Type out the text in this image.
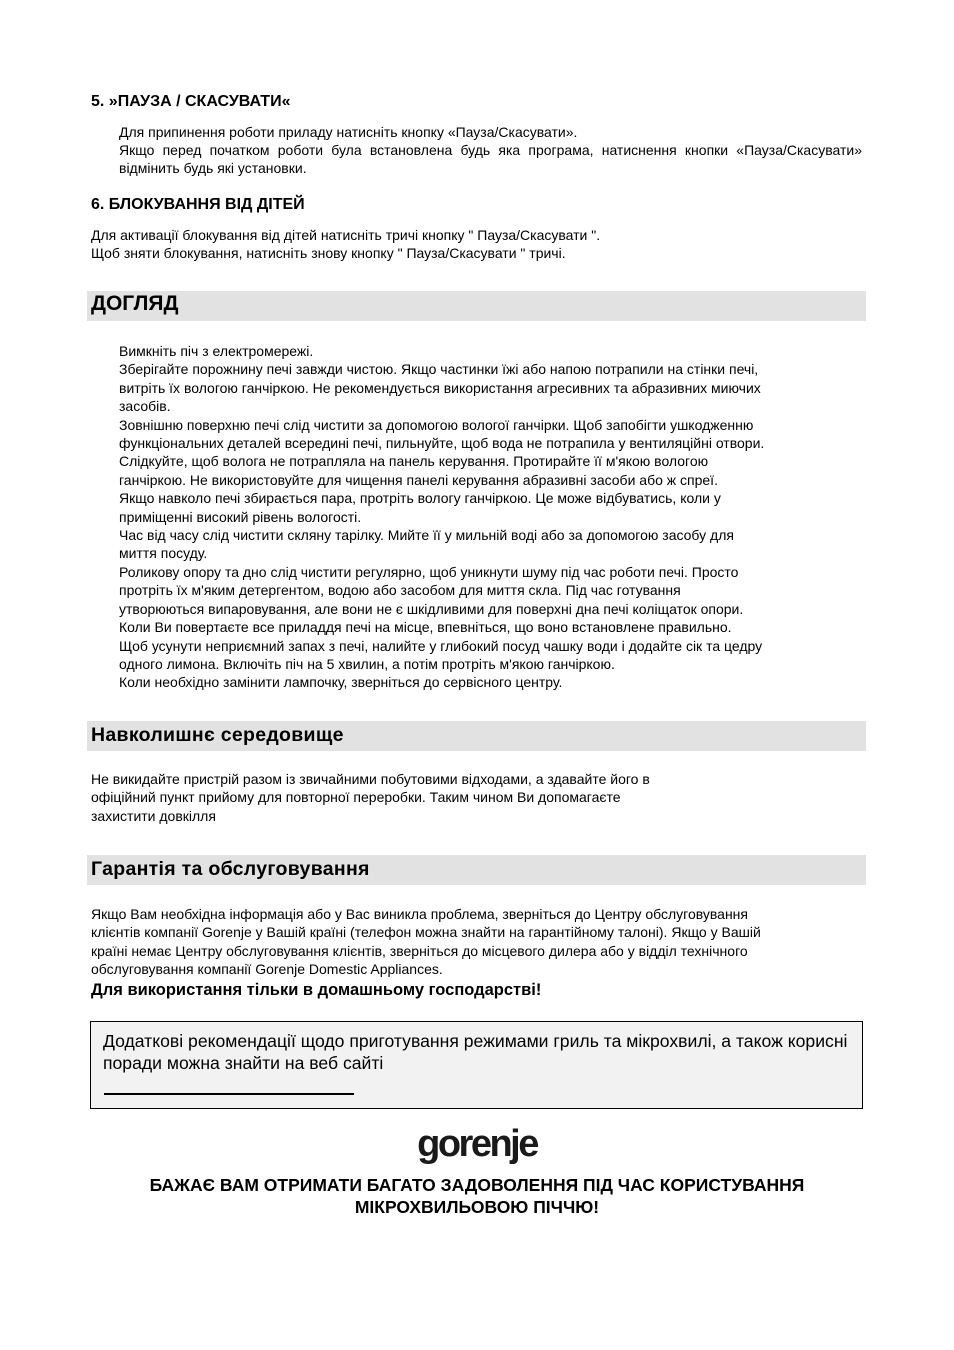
5. »ПАУЗА / СКАСУВАТИ«
Для припинення роботи приладу натисніть кнопку «Пауза/Скасувати».
Якщо перед початком роботи була встановлена будь яка програма, натиснення кнопки «Пауза/Скасувати» відмінить будь які установки.
6. БЛОКУВАННЯ ВІД ДІТЕЙ
Для активації блокування від дітей натисніть тричі кнопку " Пауза/Скасувати ".
Щоб зняти блокування, натисніть знову кнопку " Пауза/Скасувати " тричі.
ДОГЛЯД
Вимкніть піч з електромережі.
Зберігайте порожнину печі завжди чистою. Якщо частинки їжі або напою потрапили на стінки печі,
витріть їх вологою ганчіркою. Не рекомендується використання агресивних та абразивних миючих
засобів.
Зовнішню поверхню печі слід чистити за допомогою вологої ганчірки. Щоб запобігти ушкодженню
функціональних деталей всередині печі, пильнуйте, щоб вода не потрапила у вентиляційні отвори.
Слідкуйте, щоб волога не потрапляла на панель керування. Протирайте її м'якою вологою
ганчіркою. Не використовуйте для чищення панелі керування абразивні засоби або ж спреї.
Якщо навколо печі збирається пара, протріть вологу ганчіркою. Це може відбуватись, коли у
приміщенні високий рівень вологості.
Час від часу слід чистити скляну тарілку. Мийте її у мильній воді або за допомогою засобу для
миття посуду.
Роликову опору та дно слід чистити регулярно, щоб уникнути шуму під час роботи печі. Просто
протріть їх м'яким детергентом, водою або засобом для миття скла. Під час готування
утворюються випаровування, але вони не є шкідливими для поверхні дна печі коліщаток опори.
Коли Ви повертаєте все приладдя печі на місце, впевніться, що воно встановлене правильно.
Щоб усунути неприємний запах з печі, налийте у глибокий посуд чашку води і додайте сік та цедру
одного лимона. Включіть піч на 5 хвилин, а потім протріть м'якою ганчіркою.
Коли необхідно замінити лампочку, зверніться до сервісного центру.
Навколишнє середовище
Не викидайте пристрій разом із звичайними побутовими відходами, а здавайте його в
офіційний пункт прийому для повторної переробки. Таким чином Ви допомагаєте
захистити довкілля
Гарантія та обслуговування
Якщо Вам необхідна інформація або у Вас виникла проблема, зверніться до Центру обслуговування
клієнтів компанії Gorenje у Вашій країні (телефон можна знайти на гарантійному талоні). Якщо у Вашій
країні немає Центру обслуговування клієнтів, зверніться до місцевого дилера або у відділ технічного
обслуговування компанії Gorenje Domestic Appliances.
Для використання тільки в домашньому господарстві!
Додаткові рекомендації щодо приготування режимами гриль та мікрохвилі, а також корисні поради можна знайти на веб сайті
gorenje
БАЖАЄ ВАМ ОТРИМАТИ БАГАТО ЗАДОВОЛЕННЯ ПІД ЧАС КОРИСТУВАННЯ
МІКРОХВИЛЬОВОЮ ПІЧЧЮ!
